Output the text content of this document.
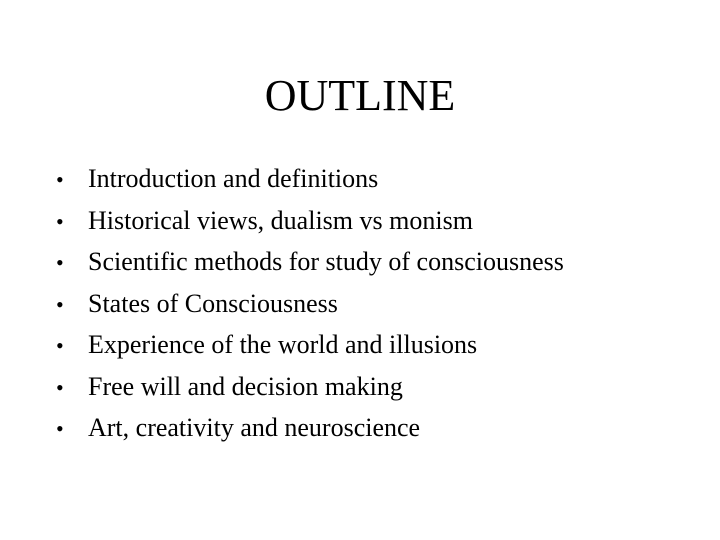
OUTLINE
• Introduction and definitions
• Historical views, dualism vs monism
• Scientific methods for study of consciousness
• States of Consciousness
• Experience of the world and illusions
• Free will and decision making
• Art, creativity and neuroscience
